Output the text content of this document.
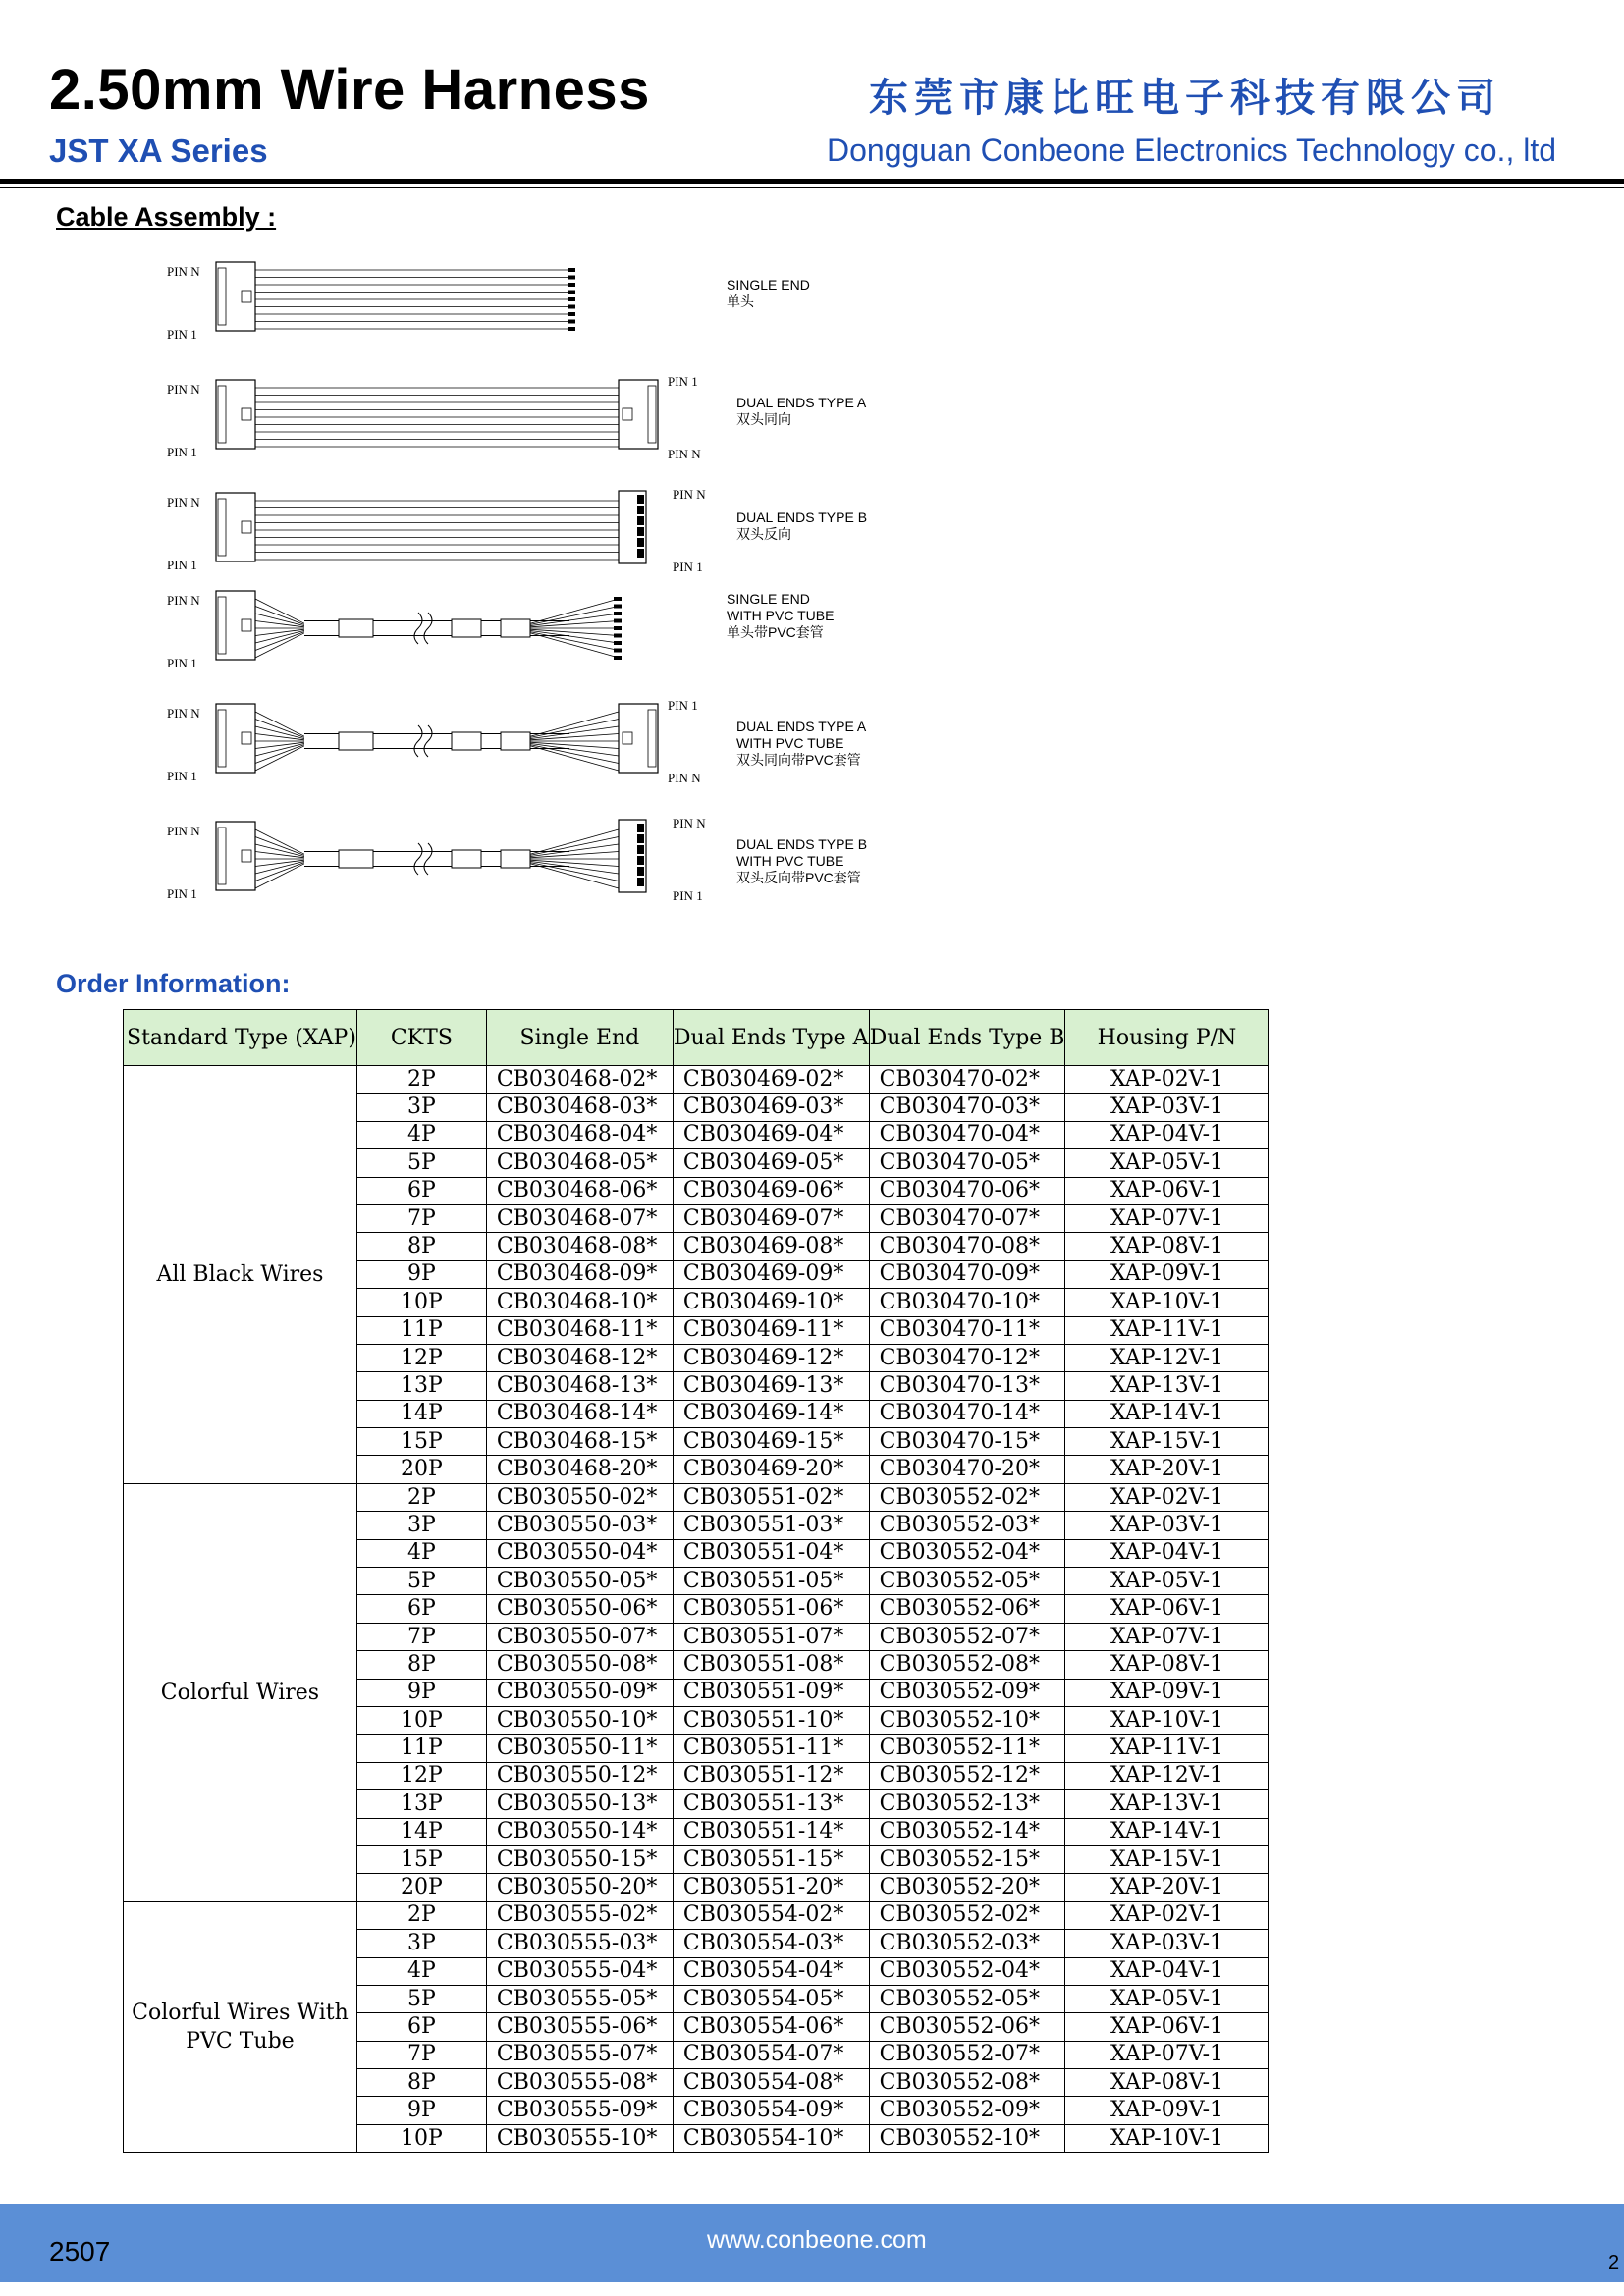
2.50mm Wire Harness
JST XA Series
东莞市康比旺电子科技有限公司
Dongguan Conbeone Electronics Technology co., ltd
Cable Assembly :
PIN N
PIN 1
SINGLE END
单头
PIN N
PIN 1
PIN 1
PIN N
DUAL ENDS TYPE A
双头同向
PIN N
PIN 1
PIN N
PIN 1
DUAL ENDS TYPE B
双头反向
PIN N
PIN 1
SINGLE END
WITH PVC TUBE
单头带PVC套管
PIN N
PIN 1
PIN 1
PIN N
DUAL ENDS TYPE A
WITH PVC TUBE
双头同向带PVC套管
PIN N
PIN 1
PIN N
PIN 1
DUAL ENDS TYPE B
WITH PVC TUBE
双头反向带PVC套管
Order Information:
Standard Type (XAP)	CKTS	Single End	Dual Ends Type A	Dual Ends Type B	Housing P/N
All Black Wires	2P	CB030468-02*	CB030469-02*	CB030470-02*	XAP-02V-1
	3P	CB030468-03*	CB030469-03*	CB030470-03*	XAP-03V-1
	4P	CB030468-04*	CB030469-04*	CB030470-04*	XAP-04V-1
	5P	CB030468-05*	CB030469-05*	CB030470-05*	XAP-05V-1
	6P	CB030468-06*	CB030469-06*	CB030470-06*	XAP-06V-1
	7P	CB030468-07*	CB030469-07*	CB030470-07*	XAP-07V-1
	8P	CB030468-08*	CB030469-08*	CB030470-08*	XAP-08V-1
	9P	CB030468-09*	CB030469-09*	CB030470-09*	XAP-09V-1
	10P	CB030468-10*	CB030469-10*	CB030470-10*	XAP-10V-1
	11P	CB030468-11*	CB030469-11*	CB030470-11*	XAP-11V-1
	12P	CB030468-12*	CB030469-12*	CB030470-12*	XAP-12V-1
	13P	CB030468-13*	CB030469-13*	CB030470-13*	XAP-13V-1
	14P	CB030468-14*	CB030469-14*	CB030470-14*	XAP-14V-1
	15P	CB030468-15*	CB030469-15*	CB030470-15*	XAP-15V-1
	20P	CB030468-20*	CB030469-20*	CB030470-20*	XAP-20V-1
Colorful Wires	2P	CB030550-02*	CB030551-02*	CB030552-02*	XAP-02V-1
	3P	CB030550-03*	CB030551-03*	CB030552-03*	XAP-03V-1
	4P	CB030550-04*	CB030551-04*	CB030552-04*	XAP-04V-1
	5P	CB030550-05*	CB030551-05*	CB030552-05*	XAP-05V-1
	6P	CB030550-06*	CB030551-06*	CB030552-06*	XAP-06V-1
	7P	CB030550-07*	CB030551-07*	CB030552-07*	XAP-07V-1
	8P	CB030550-08*	CB030551-08*	CB030552-08*	XAP-08V-1
	9P	CB030550-09*	CB030551-09*	CB030552-09*	XAP-09V-1
	10P	CB030550-10*	CB030551-10*	CB030552-10*	XAP-10V-1
	11P	CB030550-11*	CB030551-11*	CB030552-11*	XAP-11V-1
	12P	CB030550-12*	CB030551-12*	CB030552-12*	XAP-12V-1
	13P	CB030550-13*	CB030551-13*	CB030552-13*	XAP-13V-1
	14P	CB030550-14*	CB030551-14*	CB030552-14*	XAP-14V-1
	15P	CB030550-15*	CB030551-15*	CB030552-15*	XAP-15V-1
	20P	CB030550-20*	CB030551-20*	CB030552-20*	XAP-20V-1
Colorful Wires With PVC Tube	2P	CB030555-02*	CB030554-02*	CB030552-02*	XAP-02V-1
	3P	CB030555-03*	CB030554-03*	CB030552-03*	XAP-03V-1
	4P	CB030555-04*	CB030554-04*	CB030552-04*	XAP-04V-1
	5P	CB030555-05*	CB030554-05*	CB030552-05*	XAP-05V-1
	6P	CB030555-06*	CB030554-06*	CB030552-06*	XAP-06V-1
	7P	CB030555-07*	CB030554-07*	CB030552-07*	XAP-07V-1
	8P	CB030555-08*	CB030554-08*	CB030552-08*	XAP-08V-1
	9P	CB030555-09*	CB030554-09*	CB030552-09*	XAP-09V-1
	10P	CB030555-10*	CB030554-10*	CB030552-10*	XAP-10V-1
2507	www.conbeone.com
2
